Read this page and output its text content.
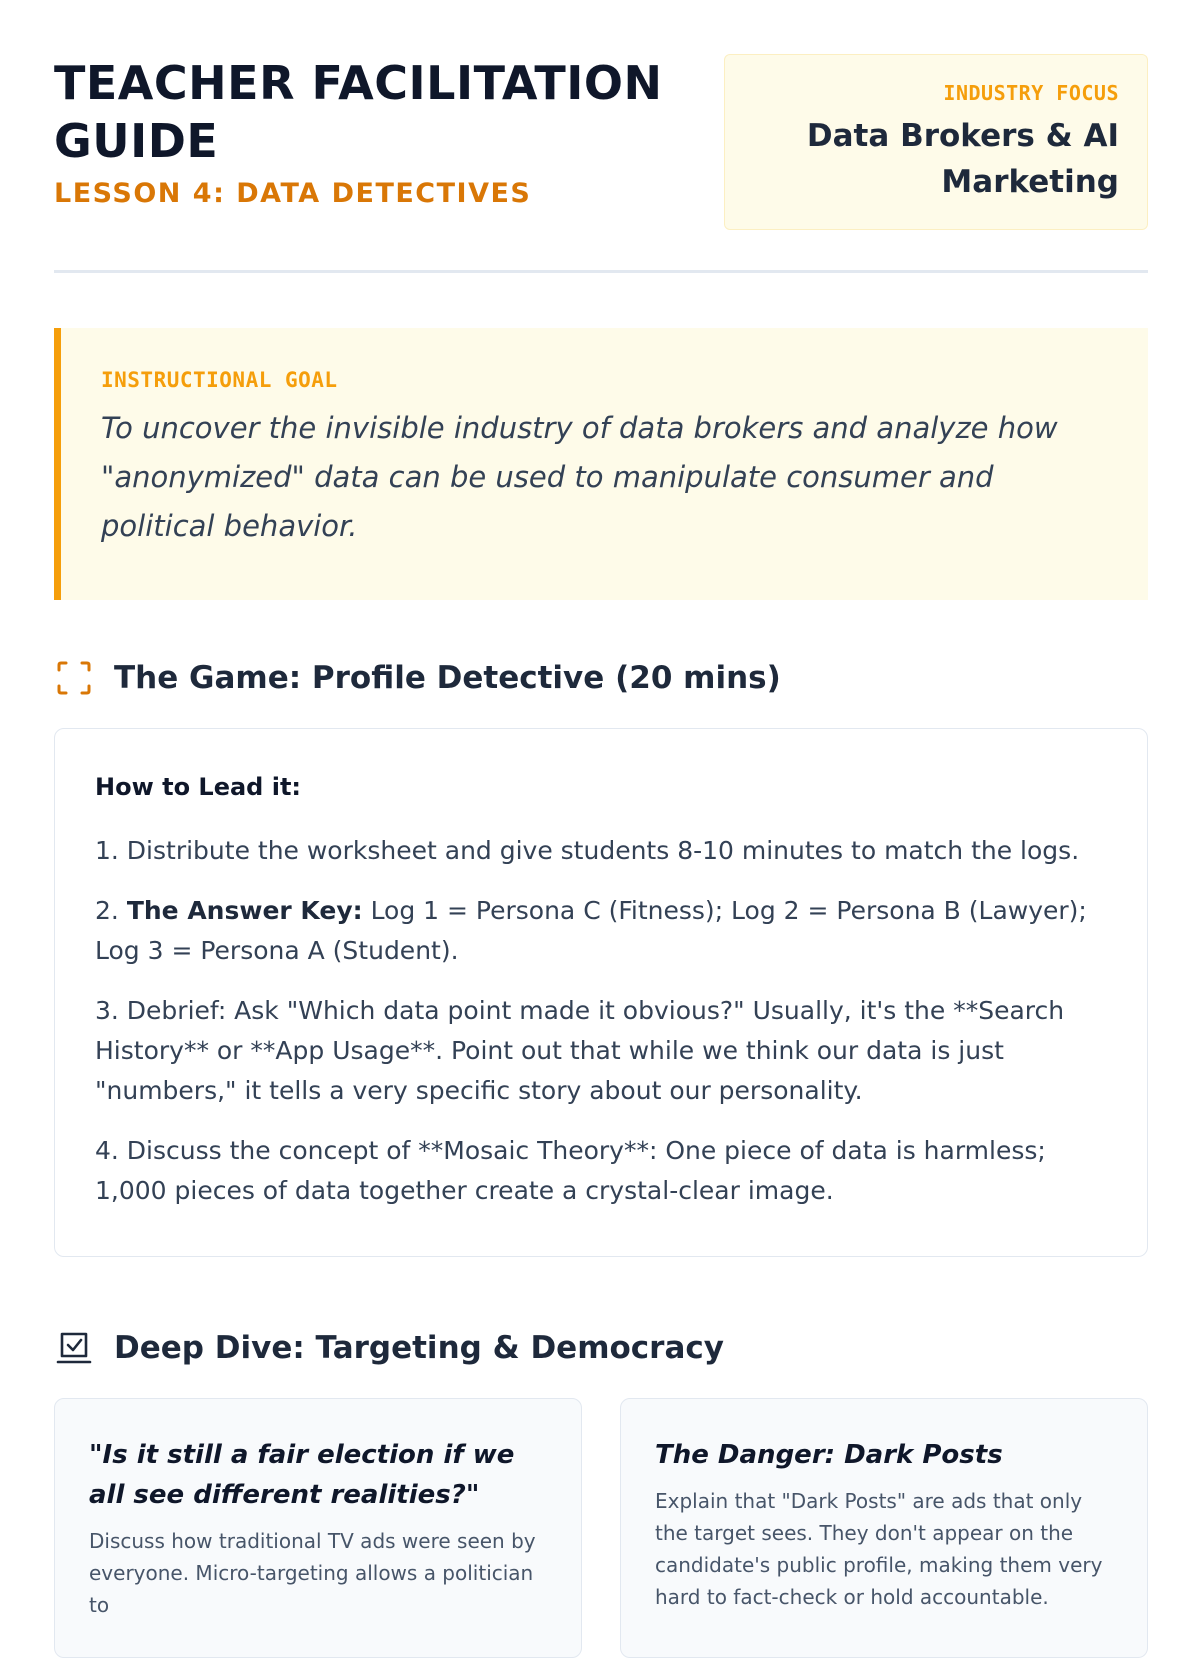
TEACHER FACILITATION GUIDE
LESSON 4: DATA DETECTIVES
INDUSTRY FOCUS
Data Brokers & AI Marketing
INSTRUCTIONAL GOAL
To uncover the invisible industry of data brokers and analyze how "anonymized" data can be used to manipulate consumer and political behavior.
The Game: Profile Detective (20 mins)
How to Lead it:
1. Distribute the worksheet and give students 8-10 minutes to match the logs.
2. The Answer Key: Log 1 = Persona C (Fitness); Log 2 = Persona B (Lawyer); Log 3 = Persona A (Student).
3. Debrief: Ask "Which data point made it obvious?" Usually, it's the **Search History** or **App Usage**. Point out that while we think our data is just "numbers," it tells a very specific story about our personality.
4. Discuss the concept of **Mosaic Theory**: One piece of data is harmless; 1,000 pieces of data together create a crystal-clear image.
Deep Dive: Targeting & Democracy
"Is it still a fair election if we all see different realities?"
Discuss how traditional TV ads were seen by everyone. Micro-targeting allows a politician to
The Danger: Dark Posts
Explain that "Dark Posts" are ads that only the target sees. They don't appear on the candidate's public profile, making them very hard to fact-check or hold accountable.
